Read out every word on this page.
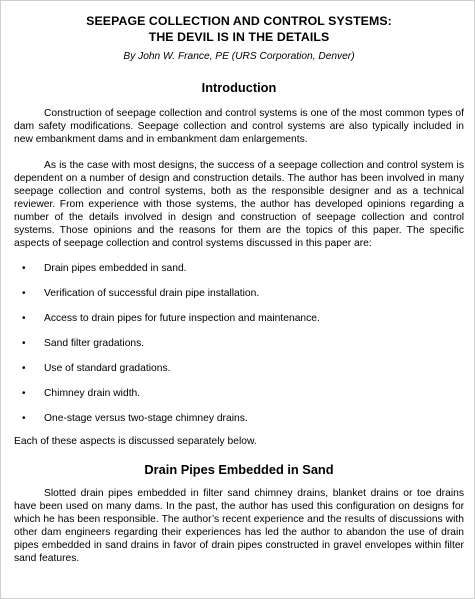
SEEPAGE COLLECTION AND CONTROL SYSTEMS:
THE DEVIL IS IN THE DETAILS
By John W. France, PE (URS Corporation, Denver)
Introduction

Construction of seepage collection and control systems is one of the most common types of dam safety modifications. Seepage collection and control systems are also typically included in new embankment dams and in embankment dam enlargements.

As is the case with most designs, the success of a seepage collection and control system is dependent on a number of design and construction details. The author has been involved in many seepage collection and control systems, both as the responsible designer and as a technical reviewer. From experience with those systems, the author has developed opinions regarding a number of the details involved in design and construction of seepage collection and control systems. Those opinions and the reasons for them are the topics of this paper. The specific aspects of seepage collection and control systems discussed in this paper are:

• Drain pipes embedded in sand.
• Verification of successful drain pipe installation.
• Access to drain pipes for future inspection and maintenance.
• Sand filter gradations.
• Use of standard gradations.
• Chimney drain width.
• One-stage versus two-stage chimney drains.
Each of these aspects is discussed separately below.
Drain Pipes Embedded in Sand

Slotted drain pipes embedded in filter sand chimney drains, blanket drains or toe drains have been used on many dams. In the past, the author has used this configuration on designs for which he has been responsible. The author’s recent experience and the results of discussions with other dam engineers regarding their experiences has led the author to abandon the use of drain pipes embedded in sand drains in favor of drain pipes constructed in gravel envelopes within filter sand features.
